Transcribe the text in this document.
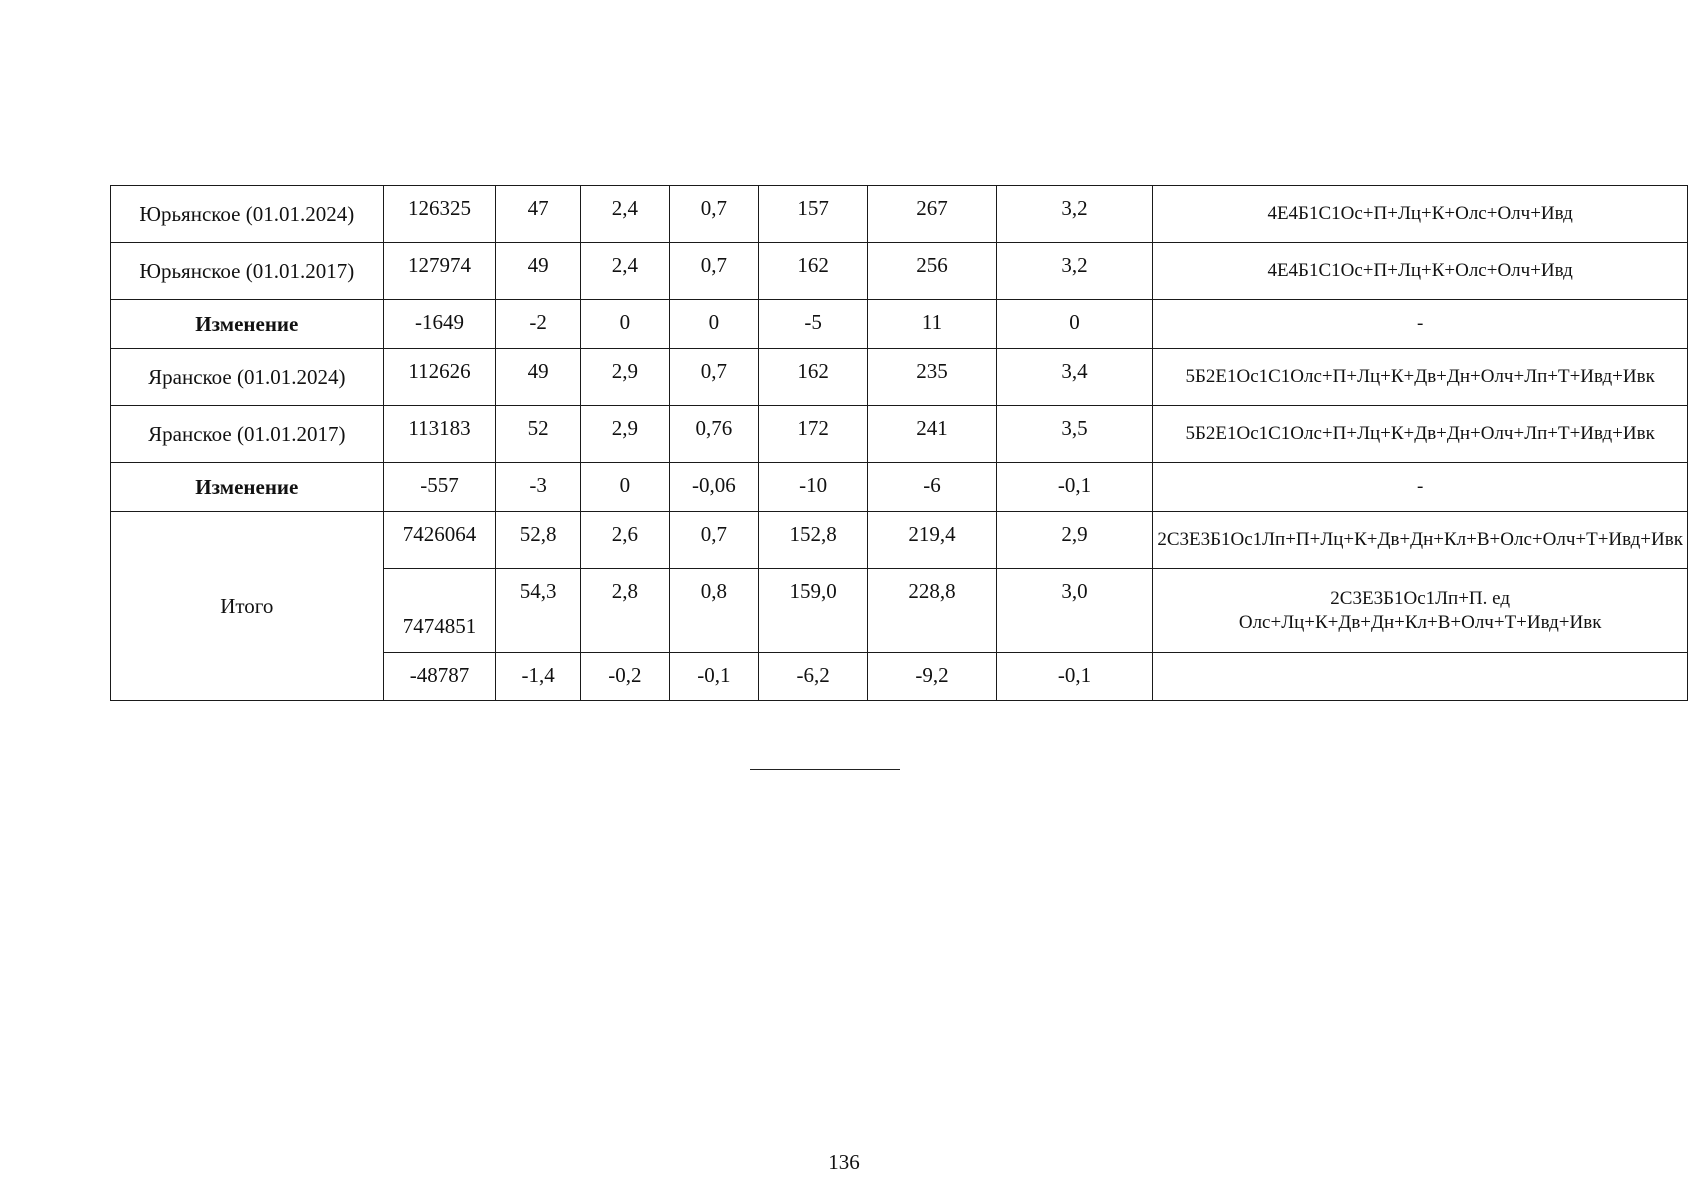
Юрьянское (01.01.2024)	126325	47	2,4	0,7	157	267	3,2	4Е4Б1С1Ос+П+Лц+К+Олс+Олч+Ивд
Юрьянское (01.01.2017)	127974	49	2,4	0,7	162	256	3,2	4Е4Б1С1Ос+П+Лц+К+Олс+Олч+Ивд
Изменение	-1649	-2	0	0	-5	11	0	-
Яранское (01.01.2024)	112626	49	2,9	0,7	162	235	3,4	5Б2Е1Ос1С1Олс+П+Лц+К+Дв+Дн+Олч+Лп+Т+Ивд+Ивк
Яранское (01.01.2017)	113183	52	2,9	0,76	172	241	3,5	5Б2Е1Ос1С1Олс+П+Лц+К+Дв+Дн+Олч+Лп+Т+Ивд+Ивк
Изменение	-557	-3	0	-0,06	-10	-6	-0,1	-
Итого	7426064	52,8	2,6	0,7	152,8	219,4	2,9	2С3Е3Б1Ос1Лп+П+Лц+К+Дв+Дн+Кл+В+Олс+Олч+Т+Ивд+Ивк
	7474851	54,3	2,8	0,8	159,0	228,8	3,0	2С3Е3Б1Ос1Лп+П. ед Олс+Лц+К+Дв+Дн+Кл+В+Олч+Т+Ивд+Ивк
	-48787	-1,4	-0,2	-0,1	-6,2	-9,2	-0,1	
136
